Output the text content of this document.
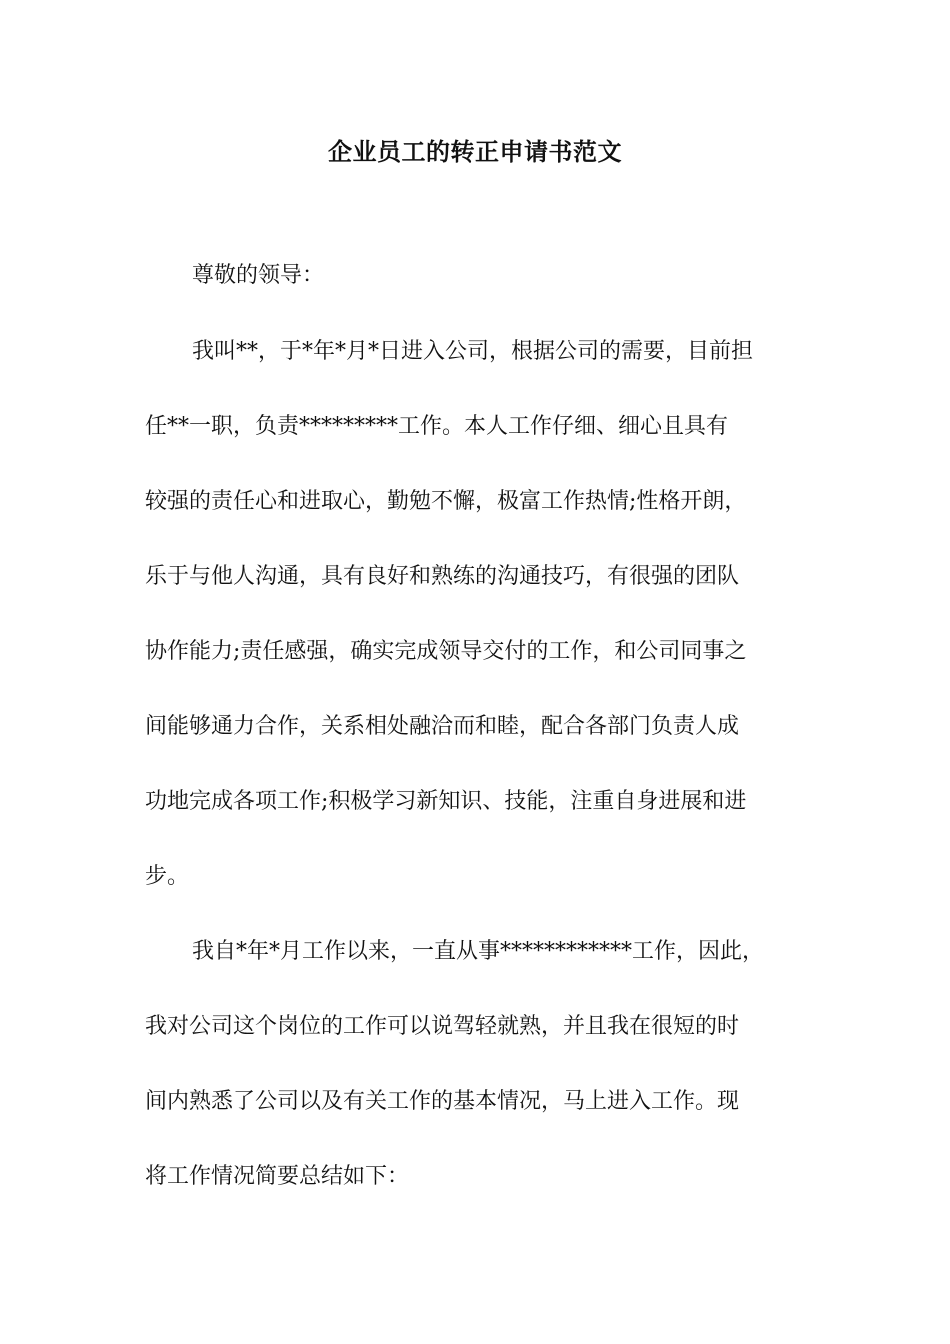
企业员工的转正申请书范文
尊敬的领导：
我叫**，于*年*月*日进入公司，根据公司的需要，目前担
任**一职，负责*********工作。本人工作仔细、细心且具有
较强的责任心和进取心，勤勉不懈，极富工作热情;性格开朗，
乐于与他人沟通，具有良好和熟练的沟通技巧，有很强的团队
协作能力;责任感强，确实完成领导交付的工作，和公司同事之
间能够通力合作，关系相处融洽而和睦，配合各部门负责人成
功地完成各项工作;积极学习新知识、技能，注重自身进展和进
步。
我自*年*月工作以来，一直从事************工作，因此，
我对公司这个岗位的工作可以说驾轻就熟，并且我在很短的时
间内熟悉了公司以及有关工作的基本情况，马上进入工作。现
将工作情况简要总结如下：
